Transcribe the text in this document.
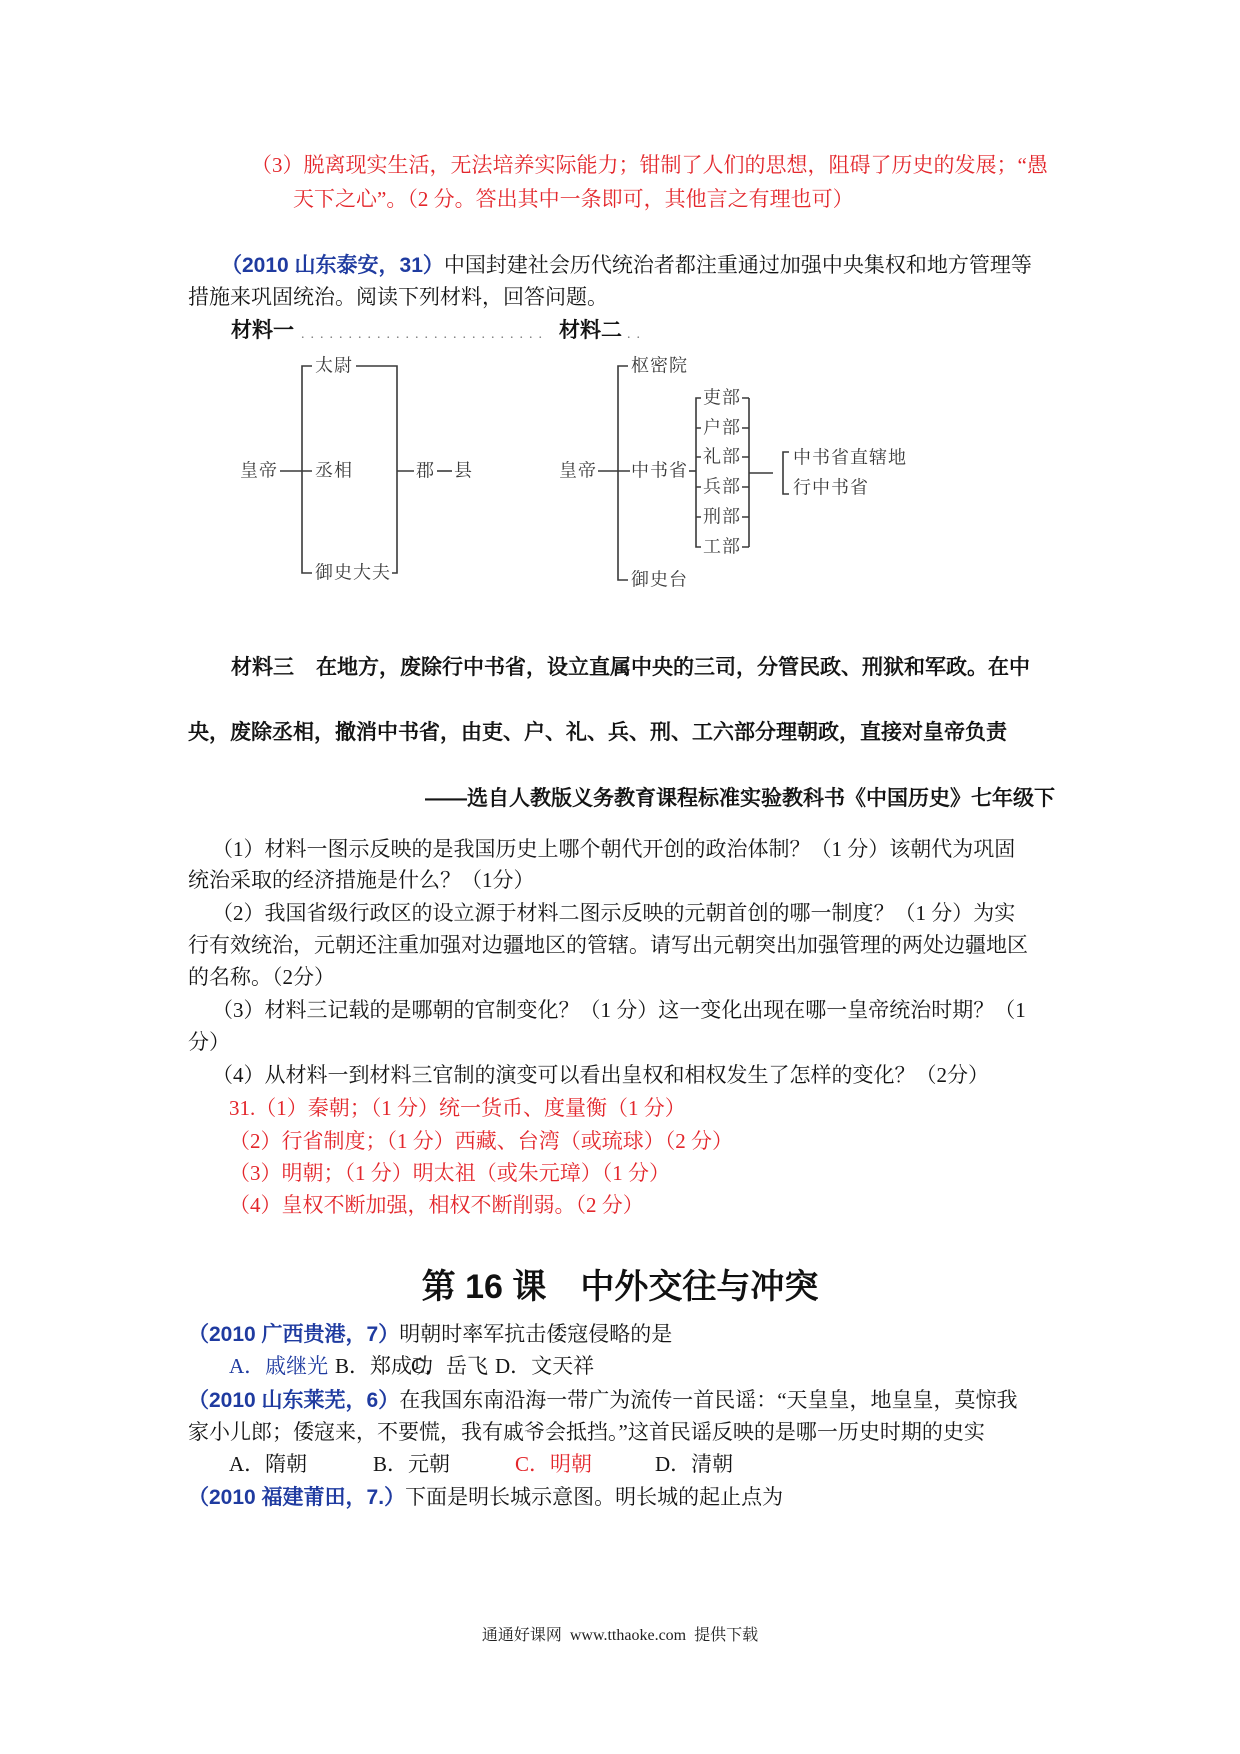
（3）脱离现实生活，无法培养实际能力；钳制了人们的思想，阻碍了历史的发展；“愚
天下之心”。（2 分。答出其中一条即可，其他言之有理也可）
（2010 山东泰安，31）中国封建社会历代统治者都注重通过加强中央集权和地方管理等
措施来巩固统治。阅读下列材料，回答问题。
材料一 .......................... 材料二 ..
皇帝
太尉
丞相
御史大夫
郡 县	皇帝
枢密院
中书省
御史台
吏部
户部
礼部
兵部
刑部
工部
中书省直辖地
行中书省
材料三 在地方，废除行中书省，设立直属中央的三司，分管民政、刑狱和军政。在中
央，废除丞相，撤消中书省，由吏、户、礼、兵、刑、工六部分理朝政，直接对皇帝负责
——选自人教版义务教育课程标准实验教科书《中国历史》七年级下
（1）材料一图示反映的是我国历史上哪个朝代开创的政治体制？（1 分）该朝代为巩固
统治采取的经济措施是什么？（1分）
（2）我国省级行政区的设立源于材料二图示反映的元朝首创的哪一制度？（1 分）为实
行有效统治，元朝还注重加强对边疆地区的管辖。请写出元朝突出加强管理的两处边疆地区
的名称。（2分）
（3）材料三记载的是哪朝的官制变化？（1 分）这一变化出现在哪一皇帝统治时期？（1
分）
（4）从材料一到材料三官制的演变可以看出皇权和相权发生了怎样的变化？（2分）
31.（1）秦朝；（1 分）统一货币、度量衡（1 分）
（2）行省制度；（1 分）西藏、台湾（或琉球）（2 分）
（3）明朝；（1 分）明太祖（或朱元璋）（1 分）
（4）皇权不断加强，相权不断削弱。（2 分）
第 16 课　中外交往与冲突
（2010 广西贵港，7）明朝时率军抗击倭寇侵略的是
A．戚继光 B．郑成功
C．岳飞 D．文天祥
（2010 山东莱芜，6）在我国东南沿海一带广为流传一首民谣：“天皇皇，地皇皇，莫惊我
家小儿郎；倭寇来，不要慌，我有戚爷会抵挡。”这首民谣反映的是哪一历史时期的史实
A．隋朝	B．元朝	C．明朝	D．清朝
（2010 福建莆田，7.）下面是明长城示意图。明长城的起止点为
通通好课网  www.tthaoke.com  提供下载
